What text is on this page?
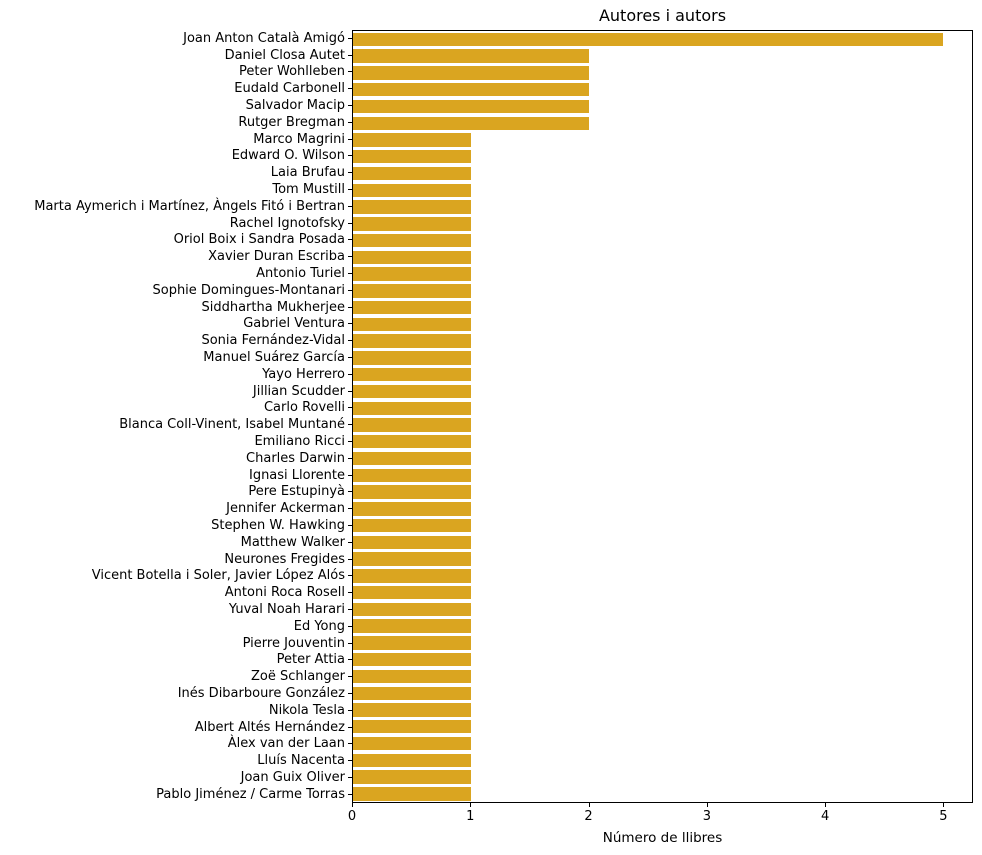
Autores i autors
Joan Anton Català Amigó
Daniel Closa Autet
Peter Wohlleben
Eudald Carbonell
Salvador Macip
Rutger Bregman
Marco Magrini
Edward O. Wilson
Laia Brufau
Tom Mustill
Marta Aymerich i Martínez, Àngels Fitó i Bertran
Rachel Ignotofsky
Oriol Boix i Sandra Posada
Xavier Duran Escriba
Antonio Turiel
Sophie Domingues-Montanari
Siddhartha Mukherjee
Gabriel Ventura
Sonia Fernández-Vidal
Manuel Suárez García
Yayo Herrero
Jillian Scudder
Carlo Rovelli
Blanca Coll-Vinent, Isabel Muntané
Emiliano Ricci
Charles Darwin
Ignasi Llorente
Pere Estupinyà
Jennifer Ackerman
Stephen W. Hawking
Matthew Walker
Neurones Fregides
Vicent Botella i Soler, Javier López Alós
Antoni Roca Rosell
Yuval Noah Harari
Ed Yong
Pierre Jouventin
Peter Attia
Zoë Schlanger
Inés Dibarboure González
Nikola Tesla
Albert Altés Hernández
Àlex van der Laan
Lluís Nacenta
Joan Guix Oliver
Pablo Jiménez / Carme Torras
0	1	2	3	4	5
Número de llibres
